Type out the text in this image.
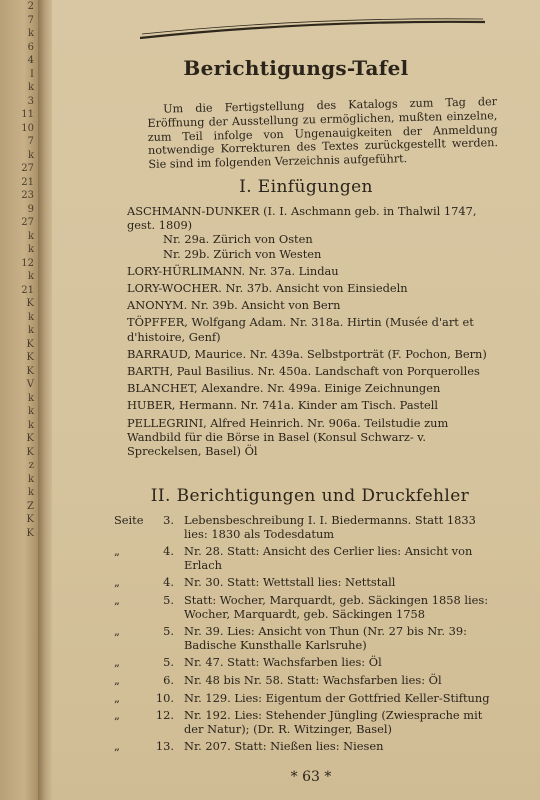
2
7
k
6
4
I
k
3
11
10
7
k
27
21
23
9
27
k
k
12
k
21
K
k
k
K
K
K
V
k
k
k
K
K
z
k
k
Z
K
K
Berichtigungs-Tafel

Um die Fertigstellung des Katalogs zum Tag der Eröffnung der Ausstellung zu ermöglichen, mußten einzelne, zum Teil infolge von Ungenauigkeiten der Anmeldung notwendige Korrekturen des Textes zurückgestellt werden. Sie sind im folgenden Verzeichnis aufgeführt.

I. Einfügungen
ASCHMANN-DUNKER (I. I. Aschmann geb. in Thalwil 1747, gest. 1809)
Nr. 29a. Zürich von Osten
Nr. 29b. Zürich von Westen
LORY-HÜRLIMANN. Nr. 37a. Lindau
LORY-WOCHER. Nr. 37b. Ansicht von Einsiedeln
ANONYM. Nr. 39b. Ansicht von Bern
TÖPFFER, Wolfgang Adam. Nr. 318a. Hirtin (Musée d'art et d'histoire, Genf)
BARRAUD, Maurice. Nr. 439a. Selbstporträt (F. Pochon, Bern)
BARTH, Paul Basilius. Nr. 450a. Landschaft von Porquerolles
BLANCHET, Alexandre. Nr. 499a. Einige Zeichnungen
HUBER, Hermann. Nr. 741a. Kinder am Tisch. Pastell
PELLEGRINI, Alfred Heinrich. Nr. 906a. Teilstudie zum Wandbild für die Börse in Basel (Konsul Schwarz- v. Spreckelsen, Basel) Öl
II. Berichtigungen und Druckfehler
Seite	3. Lebensbeschreibung I. I. Biedermanns. Statt 1833 lies: 1830 als Todesdatum
„	4. Nr. 28. Statt: Ansicht des Cerlier lies: Ansicht von Erlach
„	4. Nr. 30. Statt: Wettstall lies: Nettstall
„	5. Statt: Wocher, Marquardt, geb. Säckingen 1858 lies: Wocher, Marquardt, geb. Säckingen 1758
„	5. Nr. 39. Lies: Ansicht von Thun (Nr. 27 bis Nr. 39: Badische Kunsthalle Karlsruhe)
„	5. Nr. 47. Statt: Wachsfarben lies: Öl
„	6. Nr. 48 bis Nr. 58. Statt: Wachsfarben lies: Öl
„	10. Nr. 129. Lies: Eigentum der Gottfried Keller-Stiftung
„	12. Nr. 192. Lies: Stehender Jüngling (Zwiesprache mit der Natur); (Dr. R. Witzinger, Basel)
„	13. Nr. 207. Statt: Nießen lies: Niesen
* 63 *
